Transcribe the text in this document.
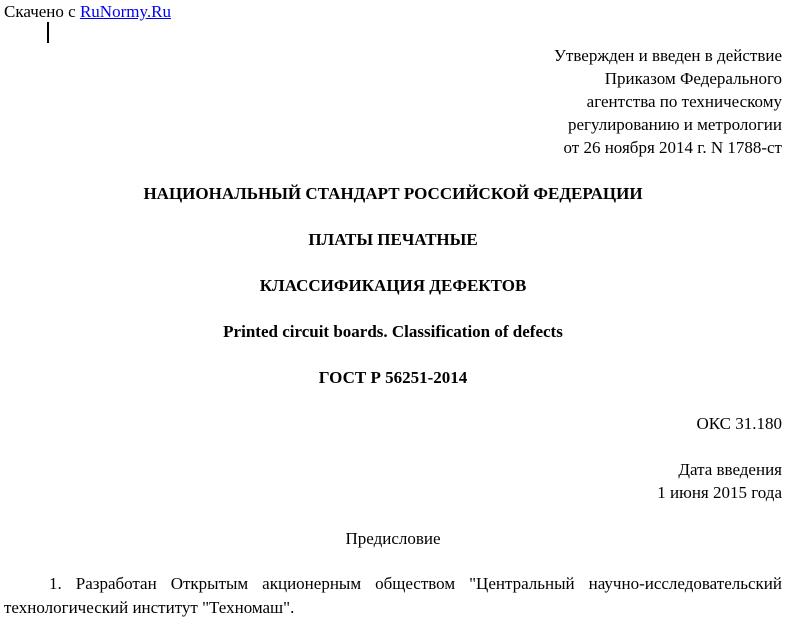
Скачено с RuNormy.Ru
Утвержден и введен в действие
Приказом Федерального
агентства по техническому
регулированию и метрологии
от 26 ноября 2014 г. N 1788-ст
НАЦИОНАЛЬНЫЙ СТАНДАРТ РОССИЙСКОЙ ФЕДЕРАЦИИ
ПЛАТЫ ПЕЧАТНЫЕ
КЛАССИФИКАЦИЯ ДЕФЕКТОВ
Printed circuit boards. Classification of defects
ГОСТ Р 56251-2014
ОКС 31.180
Дата введения
1 июня 2015 года
Предисловие
1. Разработан Открытым акционерным обществом "Центральный научно-исследовательский технологический институт "Техномаш".
